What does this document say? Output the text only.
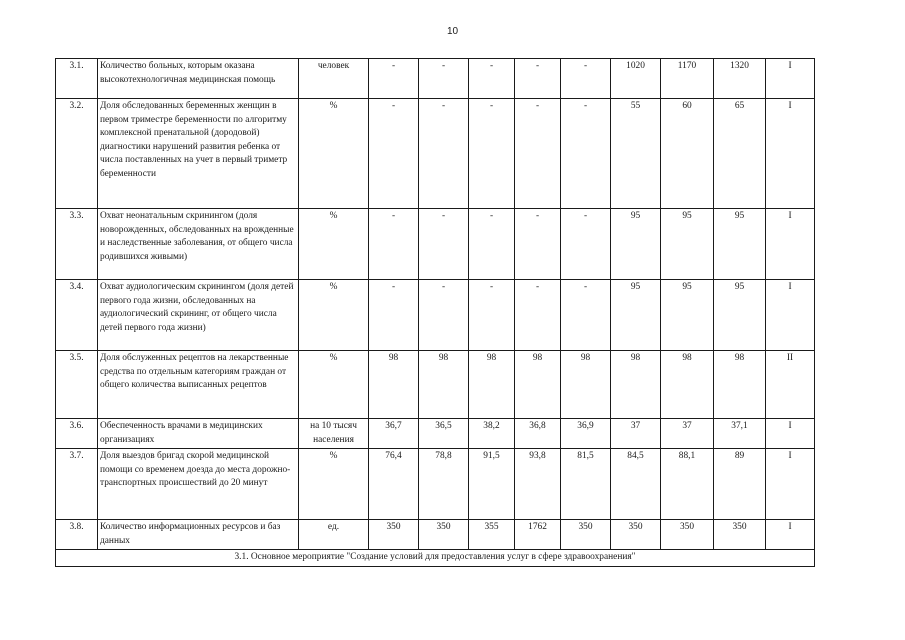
10
3.1.	Количество больных, которым оказана высокотехнологичная медицинская помощь	человек	-	-	-	-	-	1020	1170	1320	I
3.2.	Доля обследованных беременных женщин в первом триместре беременности по алгоритму комплексной пренатальной (дородовой) диагностики нарушений развития ребенка от числа поставленных на учет в первый триметр беременности	%	-	-	-	-	-	55	60	65	I
3.3.	Охват неонатальным скринингом (доля новорожденных, обследованных на врожденные и наследственные заболевания, от общего числа родившихся живыми)	%	-	-	-	-	-	95	95	95	I
3.4.	Охват аудиологическим скринингом (доля детей первого года жизни, обследованных на аудиологический скрининг, от общего числа детей первого года жизни)	%	-	-	-	-	-	95	95	95	I
3.5.	Доля обслуженных рецептов на лекарственные средства по отдельным категориям граждан от общего количества выписанных рецептов	%	98	98	98	98	98	98	98	98	II
3.6.	Обеспеченность врачами в медицинских организациях	на 10 тысяч населения	36,7	36,5	38,2	36,8	36,9	37	37	37,1	I
3.7.	Доля выездов бригад скорой медицинской помощи со временем доезда до места дорожно-транспортных происшествий до 20 минут	%	76,4	78,8	91,5	93,8	81,5	84,5	88,1	89	I
3.8.	Количество информационных ресурсов и баз данных	ед.	350	350	355	1762	350	350	350	350	I
3.1. Основное мероприятие "Создание условий для предоставления услуг в сфере здравоохранения"											
